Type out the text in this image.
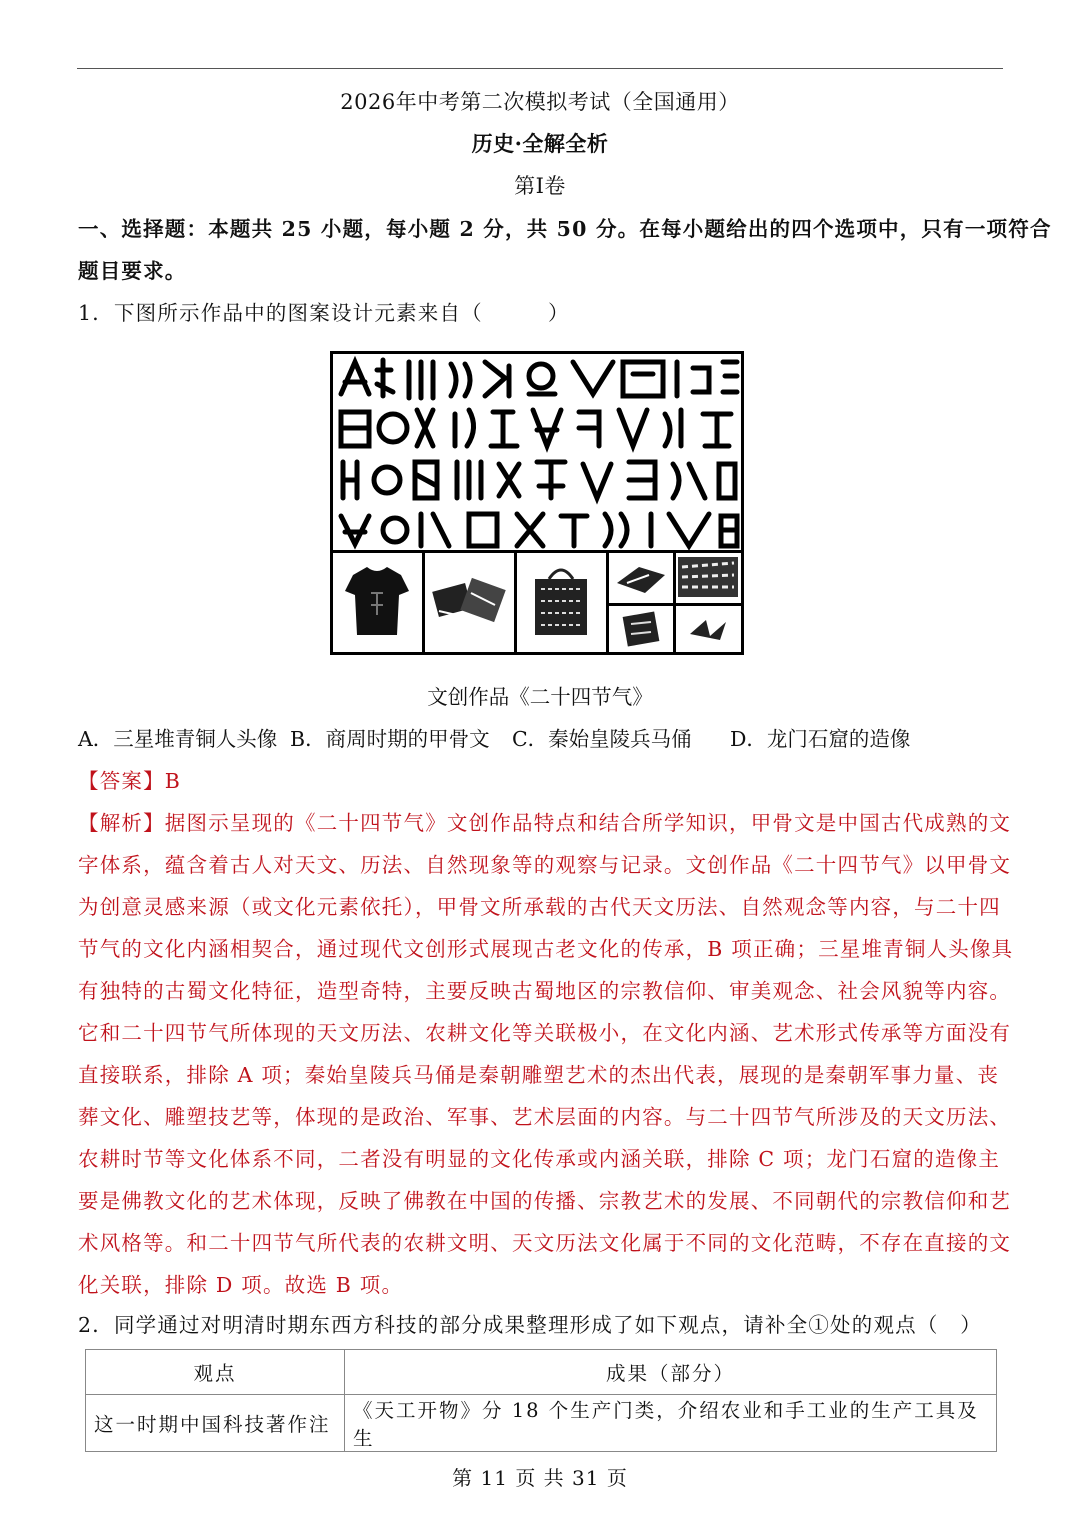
2026年中考第二次模拟考试（全国通用）
历史·全解全析
第Ⅰ卷
一、选择题：本题共 25 小题，每小题 2 分，共 50 分。在每小题给出的四个选项中，只有一项符合
题目要求。
1．下图所示作品中的图案设计元素来自（　　　）
文创作品《二十四节气》
A．三星堆青铜人头像 B．商周时期的甲骨文 C．秦始皇陵兵马俑 D．龙门石窟的造像
【答案】B
【解析】据图示呈现的《二十四节气》文创作品特点和结合所学知识，甲骨文是中国古代成熟的文
字体系，蕴含着古人对天文、历法、自然现象等的观察与记录。文创作品《二十四节气》以甲骨文
为创意灵感来源（或文化元素依托），甲骨文所承载的古代天文历法、自然观念等内容，与二十四
节气的文化内涵相契合，通过现代文创形式展现古老文化的传承，B 项正确；三星堆青铜人头像具
有独特的古蜀文化特征，造型奇特，主要反映古蜀地区的宗教信仰、审美观念、社会风貌等内容。
它和二十四节气所体现的天文历法、农耕文化等关联极小，在文化内涵、艺术形式传承等方面没有
直接联系，排除 A 项；秦始皇陵兵马俑是秦朝雕塑艺术的杰出代表，展现的是秦朝军事力量、丧
葬文化、雕塑技艺等，体现的是政治、军事、艺术层面的内容。与二十四节气所涉及的天文历法、
农耕时节等文化体系不同，二者没有明显的文化传承或内涵关联，排除 C 项；龙门石窟的造像主
要是佛教文化的艺术体现，反映了佛教在中国的传播、宗教艺术的发展、不同朝代的宗教信仰和艺
术风格等。和二十四节气所代表的农耕文明、天文历法文化属于不同的文化范畴，不存在直接的文
化关联，排除 D 项。故选 B 项。
2．同学通过对明清时期东西方科技的部分成果整理形成了如下观点，请补全①处的观点（　）
观点	成果（部分）
这一时期中国科技著作注	《天工开物》分 18 个生产门类，介绍农业和手工业的生产工具及生
第 11 页 共 31 页
